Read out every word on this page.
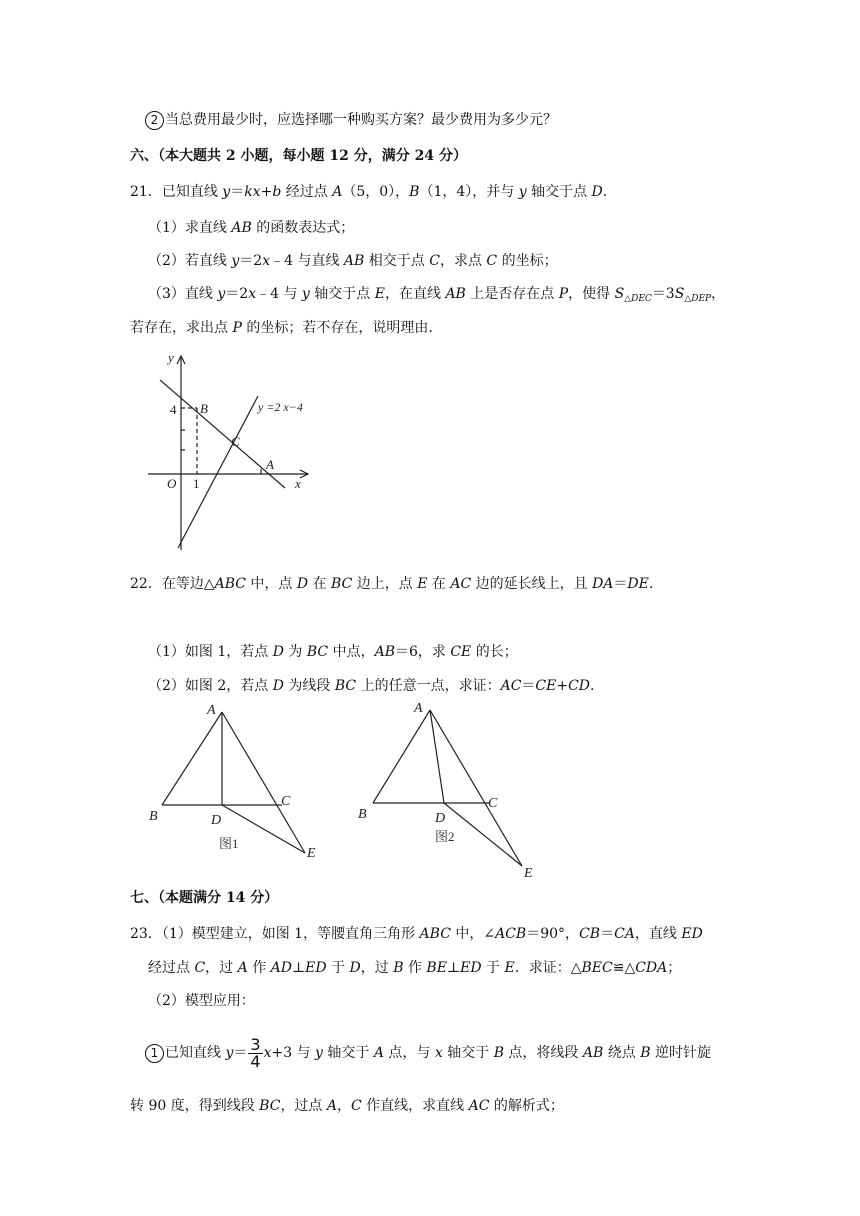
2 当总费用最少时，应选择哪一种购买方案？最少费用为多少元？
六、（本大题共 2 小题，每小题 12 分，满分 24 分）
21．已知直线 y＝kx+b 经过点 A（5，0），B（1，4），并与 y 轴交于点 D.
（1）求直线 AB 的函数表达式；
（2）若直线 y＝2x﹣4 与直线 AB 相交于点 C，求点 C 的坐标；
（3）直线 y＝2x﹣4 与 y 轴交于点 E，在直线 AB 上是否存在点 P，使得 $S_{\triangle DEC}=3S_{\triangle DEP}$，
若存在，求出点 P 的坐标；若不存在，说明理由.
y
x
O
B
C
A
y =2 x−4
4
1
22．在等边△ABC 中，点 D 在 BC 边上，点 E 在 AC 边的延长线上，且 DA＝DE.
（1）如图 1，若点 D 为 BC 中点，AB＝6，求 CE 的长；
（2）如图 2，若点 D 为线段 BC 上的任意一点，求证：AC＝CE+CD.
A
B
C
D
E
图1
A
B
C
D
E
图2
七、（本题满分 14 分）
23．（1）模型建立，如图 1，等腰直角三角形 ABC 中，∠ACB＝90°，CB＝CA，直线 ED
经过点 C，过 A 作 AD⊥ED 于 D，过 B 作 BE⊥ED 于 E．求证：△BEC≌△CDA；
（2）模型应用：
1 已知直线 $y= \frac{3}{4} x+3$ 与 y 轴交于 A 点，与 x 轴交于 B 点，将线段 AB 绕点 B 逆时针旋
转 90 度，得到线段 BC，过点 A，C 作直线，求直线 AC 的解析式；
